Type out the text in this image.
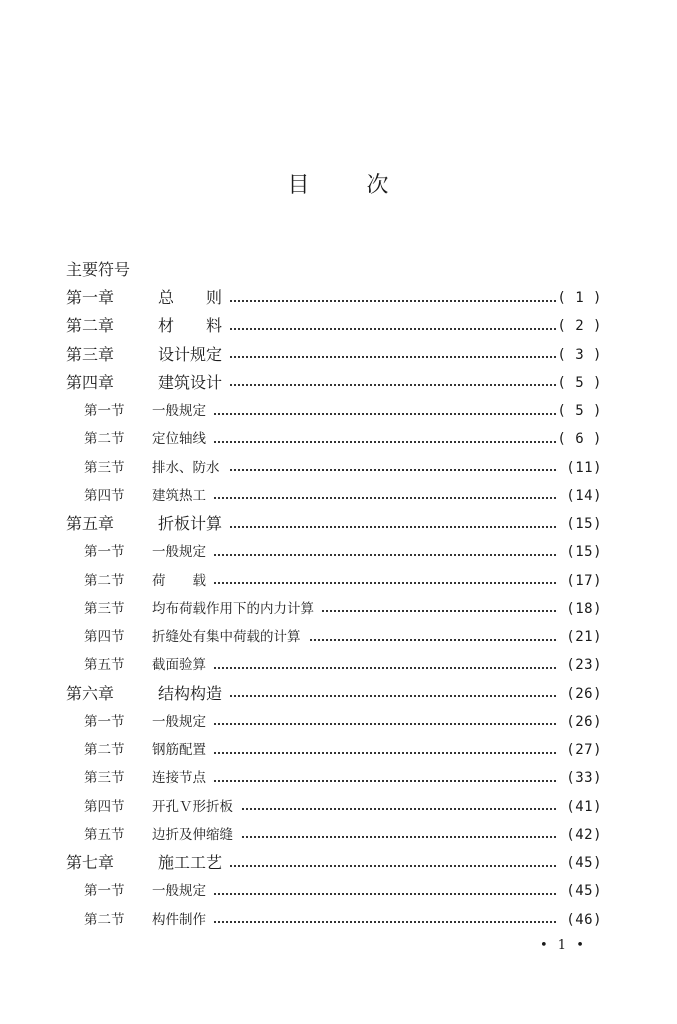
目	次
主要符号
第一章	总　　则	( 1 )
第二章	材　　料	( 2 )
第三章	设计规定	( 3 )
第四章	建筑设计	( 5 )
第一节 一般规定	( 5 )
第二节 定位轴线	( 6 )
第三节 排水、防水	(11)
第四节 建筑热工	(14)
第五章	折板计算	(15)
第一节 一般规定	(15)
第二节 荷　　载	(17)
第三节 均布荷载作用下的内力计算	(18)
第四节 折缝处有集中荷载的计算	(21)
第五节 截面验算	(23)
第六章	结构构造	(26)
第一节 一般规定	(26)
第二节 钢筋配置	(27)
第三节 连接节点	(33)
第四节 开孔Ｖ形折板	(41)
第五节 边折及伸缩缝	(42)
第七章	施工工艺	(45)
第一节 一般规定	(45)
第二节 构件制作	(46)
• 1 •
